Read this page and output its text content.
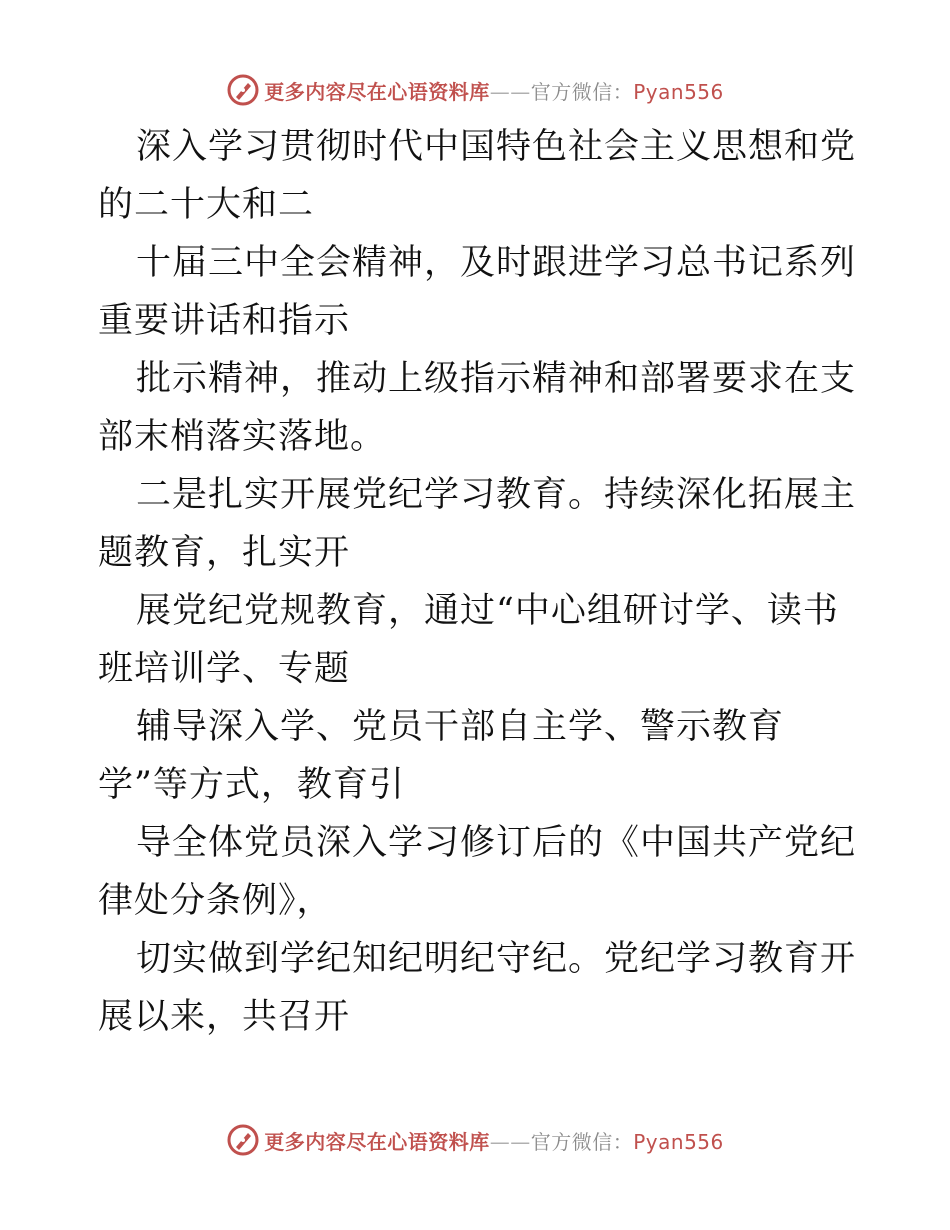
更多内容尽在心语资料库——官方微信：Pyan556

深入学习贯彻时代中国特色社会主义思想和党的二十大和二

十届三中全会精神，及时跟进学习总书记系列重要讲话和指示

批示精神，推动上级指示精神和部署要求在支部末梢落实落地。

二是扎实开展党纪学习教育。持续深化拓展主题教育，扎实开

展党纪党规教育，通过“中心组研讨学、读书班培训学、专题

辅导深入学、党员干部自主学、警示教育学”等方式，教育引

导全体党员深入学习修订后的《中国共产党纪律处分条例》，

切实做到学纪知纪明纪守纪。党纪学习教育开展以来，共召开

更多内容尽在心语资料库——官方微信：Pyan556
